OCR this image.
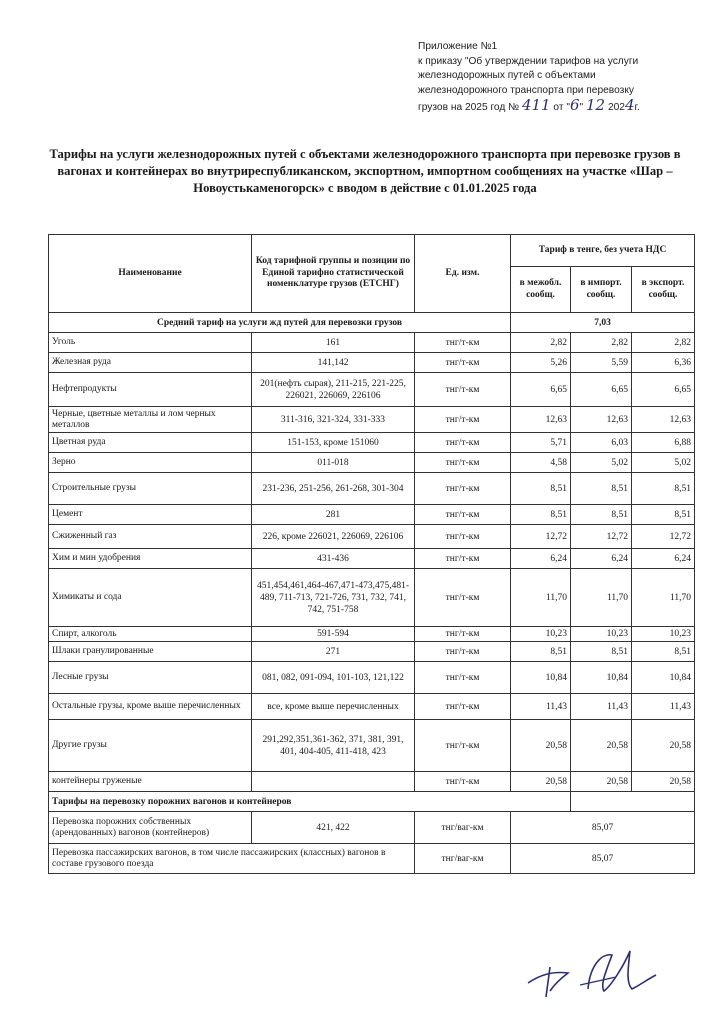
Приложение №1
к приказу "Об утверждении тарифов на услуги
железнодорожных путей с объектами
железнодорожного транспорта при перевозку
грузов на 2025 год № 411 от "6" 12 2024г.
Тарифы на услуги железнодорожных путей с объектами железнодорожного транспорта при перевозке грузов в вагонах и контейнерах во внутриреспубликанском, экспортном, импортном сообщениях на участке «Шар – Новоустькаменогорск» с вводом в действие с 01.01.2025 года
Наименование	Код тарифной группы и позиции по Единой тарифно статистической номенклатуре грузов (ЕТСНГ)	Ед. изм.	Тариф в тенге, без учета НДС		
			в межобл. сообщ.	в импорт. сообщ.	в экспорт. сообщ.
Средний тариф на услуги жд путей для перевозки грузов			7,03		
Уголь	161	тнг/т-км	2,82	2,82	2,82
Железная руда	141,142	тнг/т-км	5,26	5,59	6,36
Нефтепродукты	201(нефть сырая), 211-215, 221-225, 226021, 226069, 226106	тнг/т-км	6,65	6,65	6,65
Черные, цветные металлы и лом черных металлов	311-316, 321-324, 331-333	тнг/т-км	12,63	12,63	12,63
Цветная руда	151-153, кроме 151060	тнг/т-км	5,71	6,03	6,88
Зерно	011-018	тнг/т-км	4,58	5,02	5,02
Строительные грузы	231-236, 251-256, 261-268, 301-304	тнг/т-км	8,51	8,51	8,51
Цемент	281	тнг/т-км	8,51	8,51	8,51
Сжиженный газ	226, кроме 226021, 226069, 226106	тнг/т-км	12,72	12,72	12,72
Хим и мин удобрения	431-436	тнг/т-км	6,24	6,24	6,24
Химикаты и сода	451,454,461,464-467,471-473,475,481-489, 711-713, 721-726, 731, 732, 741, 742, 751-758	тнг/т-км	11,70	11,70	11,70
Спирт, алкоголь	591-594	тнг/т-км	10,23	10,23	10,23
Шлаки гранулированные	271	тнг/т-км	8,51	8,51	8,51
Лесные грузы	081, 082, 091-094, 101-103, 121,122	тнг/т-км	10,84	10,84	10,84
Остальные грузы, кроме выше перечисленных	все, кроме выше перечисленных	тнг/т-км	11,43	11,43	11,43
Другие грузы	291,292,351,361-362, 371, 381, 391, 401, 404-405, 411-418, 423	тнг/т-км	20,58	20,58	20,58
контейнеры груженые		тнг/т-км	20,58	20,58	20,58
Тарифы на перевозку порожних вагонов и контейнеров					
Перевозка порожних собственных (арендованных) вагонов (контейнеров)	421, 422	тнг/ваг-км	85,07		
Перевозка пассажирских вагонов, в том числе пассажирских (классных) вагонов в составе грузового поезда		тнг/ваг-км	85,07		
